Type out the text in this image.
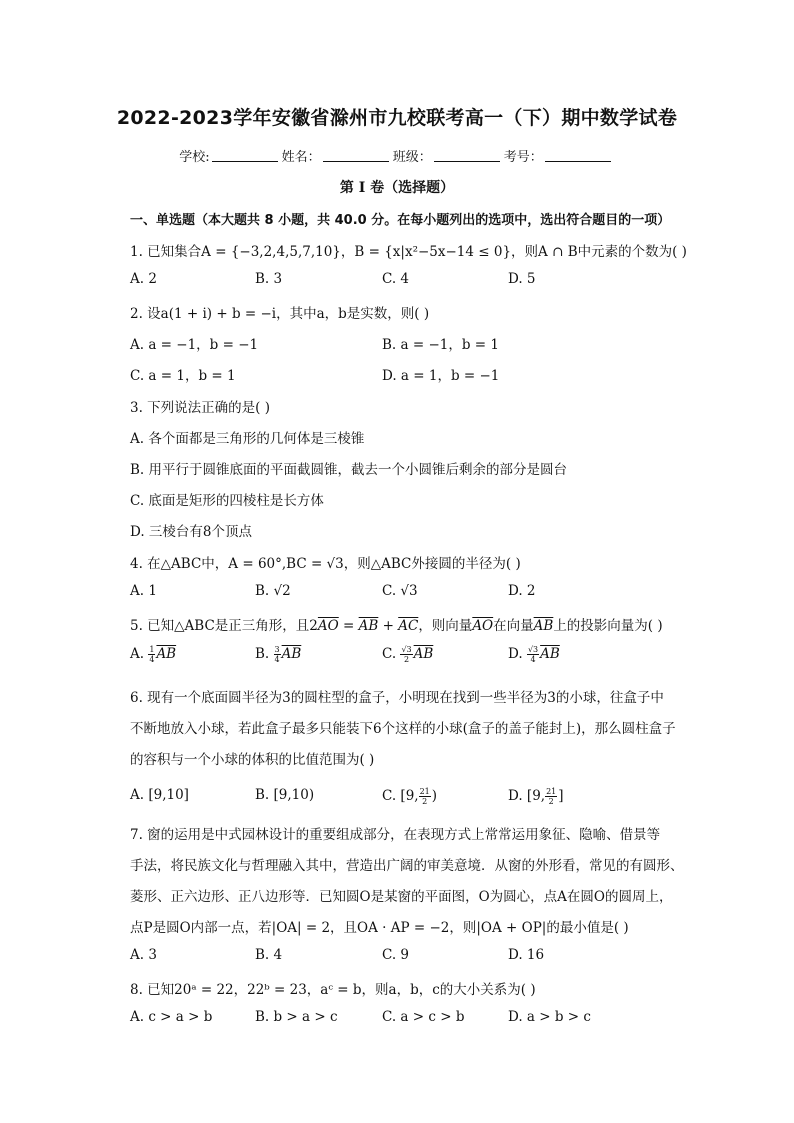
2022-2023学年安徽省滁州市九校联考高一（下）期中数学试卷
学校:	姓名：	班级：	考号：
第 I 卷（选择题）
一、单选题（本大题共 8 小题，共 40.0 分。在每小题列出的选项中，选出符合题目的一项）
1. 已知集合A = {−3,2,4,5,7,10}，B = {x|x²−5x−14 ≤ 0}，则A ∩ B中元素的个数为( )
A. 2	B. 3	C. 4	D. 5
2. 设a(1 + i) + b = −i，其中a，b是实数，则( )
A. a = −1，b = −1	B. a = −1，b = 1
C. a = 1，b = 1	D. a = 1，b = −1
3. 下列说法正确的是( )
A. 各个面都是三角形的几何体是三棱锥
B. 用平行于圆锥底面的平面截圆锥，截去一个小圆锥后剩余的部分是圆台
C. 底面是矩形的四棱柱是长方体
D. 三棱台有8个顶点
4. 在△ABC中，A = 60°,BC = √3，则△ABC外接圆的半径为( )
A. 1	B. √2	C. √3	D. 2
5. 已知△ABC是正三角形，且$2\overline{AO} = \overline{AB} + \overline{AC}$，则向量$\overline{AO}$在向量$\overline{AB}$上的投影向量为( )
A. $\frac{1}{4} \overline{AB}$	B. $\frac{3}{4} \overline{AB}$	C. $\frac{√3}{2} \overline{AB}$	D. $\frac{√3}{4} \overline{AB}$
6. 现有一个底面圆半径为3的圆柱型的盒子，小明现在找到一些半径为3的小球，往盒子中
不断地放入小球，若此盒子最多只能装下6个这样的小球(盒子的盖子能封上)，那么圆柱盒子
的容积与一个小球的体积的比值范围为( )
A. [9,10]	B. [9,10)	C. [9, $\frac{21}{2}$ )	D. [9, $\frac{21}{2}$ ]
7. 窗的运用是中式园林设计的重要组成部分，在表现方式上常常运用象征、隐喻、借景等
手法，将民族文化与哲理融入其中，营造出广阔的审美意境．从窗的外形看，常见的有圆形、
菱形、正六边形、正八边形等．已知圆O是某窗的平面图，O为圆心，点A在圆O的圆周上，
点P是圆O内部一点，若|OA| = 2，且OA · AP = −2，则|OA + OP|的最小值是( )
A. 3	B. 4	C. 9	D. 16
8. 已知20ᵃ = 22，22ᵇ = 23，aᶜ = b，则a，b，c的大小关系为( )
A. c > a > b	B. b > a > c	C. a > c > b	D. a > b > c
